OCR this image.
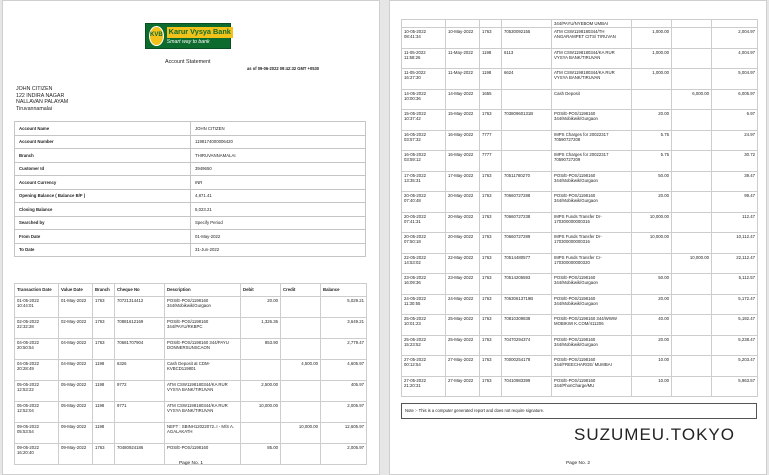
KVB Karur Vysya Bank
Smart way to bank
Account Statement
as of 09-06-2022 09:42:32 GMT +0530
JOHN CITIZEN
122 INDIRA NAGAR
NALLAVAN PALAYAM
Tiruvannamalai
Account Name	JOHN CITIZEN
Account Number	1198174000006420
Branch	THIRUVANNAMALAI
Customer Id	3949650
Account Currency	INR
Opening Balance ( Balance B/F )	4,871.41
Closing Balance	5,023.21
Searched by	Specify Period
From Date	01-May-2022
To Date	31-Jun-2022
Transaction Date	Value Date	Branch	Cheque No	Description	Debit	Credit	Balance
01-05-2022 10:44:01	01-May-2022	1763	70721314412	POS/E-POS/1198160 344/Mobikwik/Gurgaon	20.00		5,029.21
02-05-2022 22:32:28	02-May-2022	1763	70881612169	POS/E-POS/1198160 344/PAYU/RKBPC	1,326.36		3,649.21
04-05-2022 20:50:54	04-May-2022	1763	70681707904	POS/E-POS/1198160 344/PAYU DONNERSUNSCAON	853.90		2,779.47
04-05-2022 20:28:49	04-May-2022	1198	6326	Cash Deposit at CDM-KVBCD119801		4,500.00	4,605.97
05-05-2022 12:53:22	05-May-2022	1198	9772	ATM CSW1198180344/KA RUR VYSYA BANK/TIRUVAN	2,500.00		405.97
05-05-2022 12:52:04	05-May-2022	1198	9771	ATM CSW1198180344/KA RUR VYSYA BANK/TIRUVAN	10,000.00		2,005.97
09-05-2022 05:53:54	09-May-2022	1198		NEFT : SBINH12022072..I - M/S A. AGALAKATH		10,000.00	12,605.97
09-05-2022 16:20:40	09-May-2022	1763	70480924186	POS/E-POS/1198160	85.00		2,005.97
Page No. 1
				344/PAYU/NYEBOM UMBAI			
10-05-2022 08:41:34	10-May-2022	1763	70530092155	ATM CSW1198180344/TH ANGARAMPET CITS/ TIRUVAN	1,000.00		2,004.97
11-05-2022 11:58:26	11-May-2022	1198	6113	ATM CSW1198180344/KA RUR VYSYA BANK/TIRUVAN	1,000.00		4,004.97
11-05-2022 16:27:30	11-May-2022	1198	6624	ATM CSW1198180344/KA RUR VYSYA BANK/TIRUVAN	1,000.00		5,004.97
14-05-2022 10:00:36	14-May-2022	1655		Cash Deposit		6,000.00	6,005.97
15-05-2022 10:37:42	15-May-2022	1763	70380960131B	POS/E-POS/1198160 344/Mobikwik/Gurgaon	20.00		6.97
16-05-2022 03:57:32	16-May-2022	7777		IMPS Charges for 20022317 70590727208	5.75		24.97
16-05-2022 03:59:12	16-May-2022	7777		IMPS Charges for 20022317 70590727209	5.75		30.72
17-05-2022 13:35:31	17-May-2022	1763	70511780270	POS/E-POS/1198160 344/Mobikwik/Gurgaon	50.00		39.47
20-05-2022 07:40:48	20-May-2022	1763	70660727288	POS/E-POS/1198160 344/Mobikwik/Gurgaon	20.00		99.47
20-05-2022 07:41:31	20-May-2022	1763	70660727238	IMPS Funds Transfer Dr-170300000000316	10,000.00		112.47
20-05-2022 07:50:18	20-May-2022	1763	70660727289	IMPS Funds Transfer Dr-170300000000316	10,000.00		10,112.47
22-05-2022 14:53:02	22-May-2022	1763	70514480577	IMPS Funds Transfer Cr-170300000000320		10,000.00	22,112.47
23-05-2022 16:09:36	23-May-2022	1763	70514205593	POS/E-POS/1198160 344/Mobikwik/Gurgaon	50.00		5,112.57
24-05-2022 11:30:55	24-May-2022	1763	70630613719B	POS/E-POS/1198160 344/Mobikwik/Gurgaon	20.00		5,172.47
25-05-2022 10:01:23	25-May-2022	1763	70810309838	POS/E-POS/1198160 344/WWW MOBIKWI K.COM/411206	40.00		5,192.47
25-05-2022 15:23:52	25-May-2022	1763	70470294374	POS/E-POS/1198160 344/Mobikwik/Gurgaon	20.00		5,238.47
27-05-2022 00:12:54	27-May-2022	1763	70000254178	POS/E-POS/1198160 344/FREECHARGE/ MUMBAI	10.00		5,203.47
27-05-2022 21:20:31	27-May-2022	1763	70410983399	POS/E-POS/1198160 344/PhonCharge/MU	10.00		5,963.57
Note :- This is a computer generated report and does not require signature.
Page No. 2
SUZUMEU.TOKYO
